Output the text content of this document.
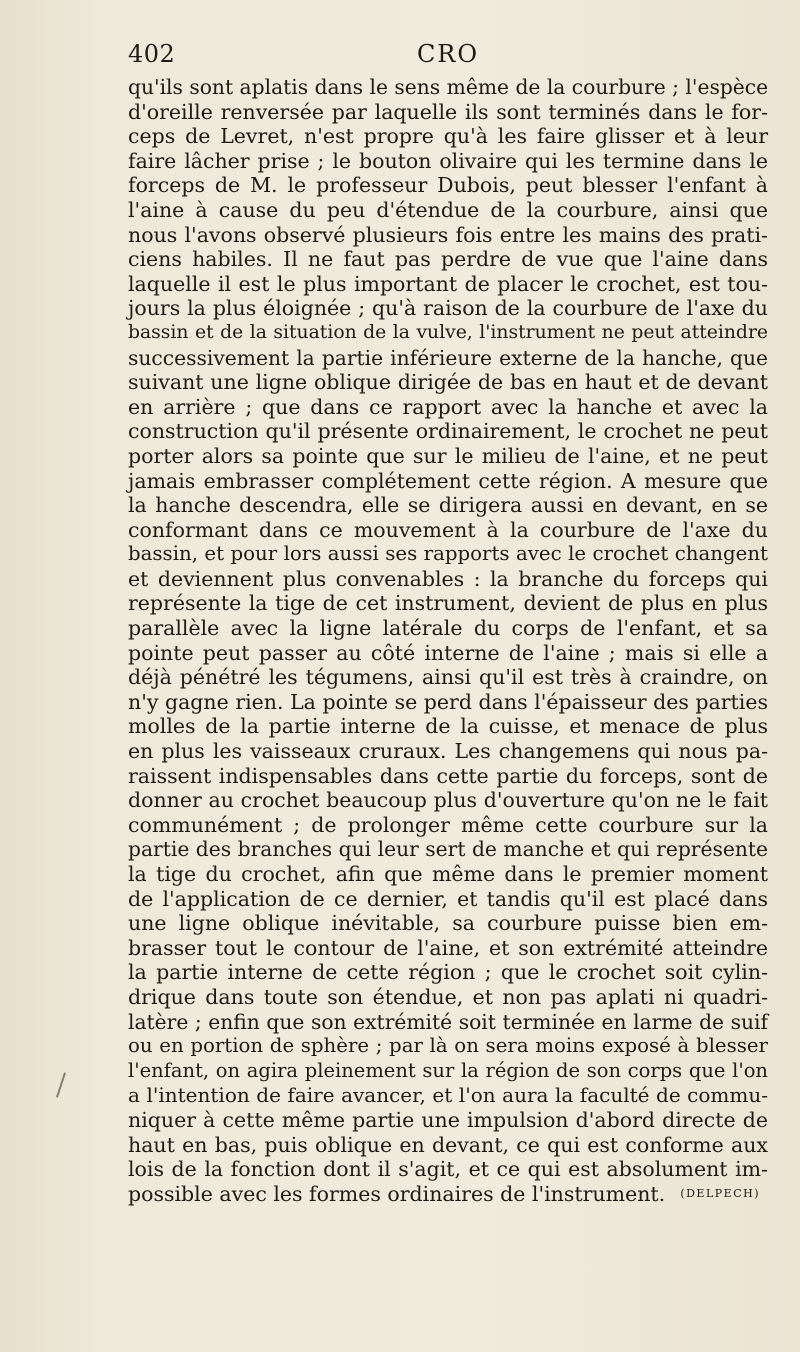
402	CRO
qu'ils sont aplatis dans le sens même de la courbure ; l'espèce
d'oreille renversée par laquelle ils sont terminés dans le for-
ceps de Levret, n'est propre qu'à les faire glisser et à leur
faire lâcher prise ; le bouton olivaire qui les termine dans le
forceps de M. le professeur Dubois, peut blesser l'enfant à
l'aine à cause du peu d'étendue de la courbure, ainsi que
nous l'avons observé plusieurs fois entre les mains des prati-
ciens habiles. Il ne faut pas perdre de vue que l'aine dans
laquelle il est le plus important de placer le crochet, est tou-
jours la plus éloignée ; qu'à raison de la courbure de l'axe du
bassin et de la situation de la vulve, l'instrument ne peut atteindre
successivement la partie inférieure externe de la hanche, que
suivant une ligne oblique dirigée de bas en haut et de devant
en arrière ; que dans ce rapport avec la hanche et avec la
construction qu'il présente ordinairement, le crochet ne peut
porter alors sa pointe que sur le milieu de l'aine, et ne peut
jamais embrasser complétement cette région. A mesure que
la hanche descendra, elle se dirigera aussi en devant, en se
conformant dans ce mouvement à la courbure de l'axe du
bassin, et pour lors aussi ses rapports avec le crochet changent
et deviennent plus convenables : la branche du forceps qui
représente la tige de cet instrument, devient de plus en plus
parallèle avec la ligne latérale du corps de l'enfant, et sa
pointe peut passer au côté interne de l'aine ; mais si elle a
déjà pénétré les tégumens, ainsi qu'il est très à craindre, on
n'y gagne rien. La pointe se perd dans l'épaisseur des parties
molles de la partie interne de la cuisse, et menace de plus
en plus les vaisseaux cruraux. Les changemens qui nous pa-
raissent indispensables dans cette partie du forceps, sont de
donner au crochet beaucoup plus d'ouverture qu'on ne le fait
communément ; de prolonger même cette courbure sur la
partie des branches qui leur sert de manche et qui représente
la tige du crochet, afin que même dans le premier moment
de l'application de ce dernier, et tandis qu'il est placé dans
une ligne oblique inévitable, sa courbure puisse bien em-
brasser tout le contour de l'aine, et son extrémité atteindre
la partie interne de cette région ; que le crochet soit cylin-
drique dans toute son étendue, et non pas aplati ni quadri-
latère ; enfin que son extrémité soit terminée en larme de suif
ou en portion de sphère ; par là on sera moins exposé à blesser
l'enfant, on agira pleinement sur la région de son corps que l'on
a l'intention de faire avancer, et l'on aura la faculté de commu-
niquer à cette même partie une impulsion d'abord directe de
haut en bas, puis oblique en devant, ce qui est conforme aux
lois de la fonction dont il s'agit, et ce qui est absolument im-
possible avec les formes ordinaires de l'instrument. (DELPECH)
